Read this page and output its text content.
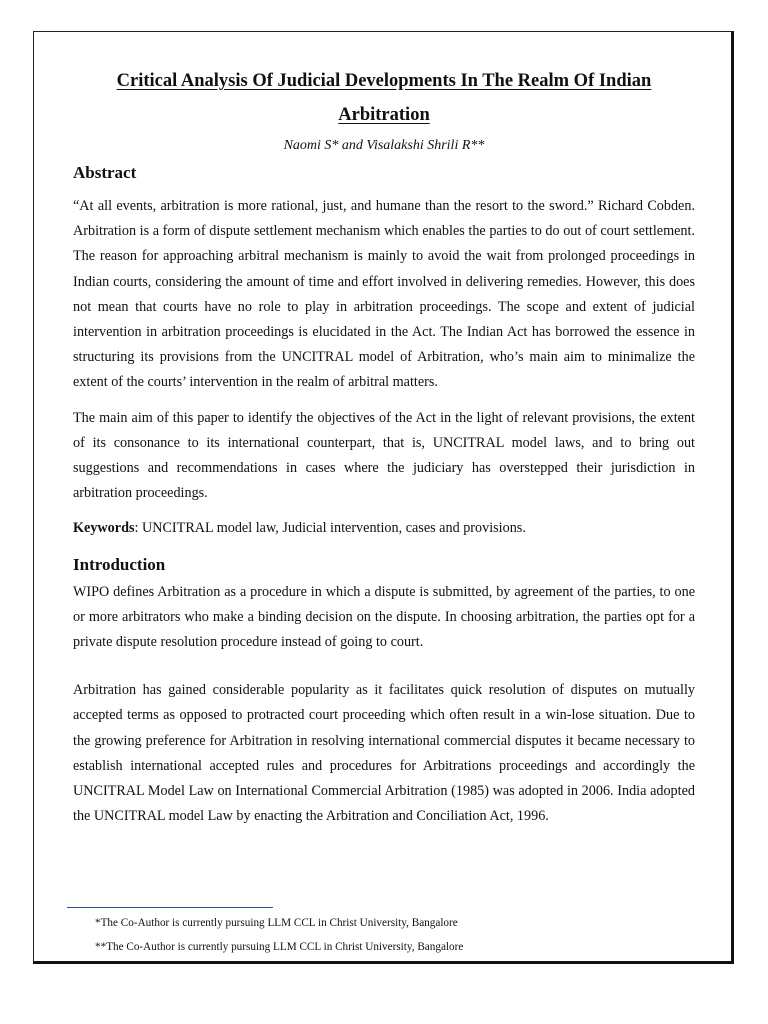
Critical Analysis Of Judicial Developments In The Realm Of Indian
Arbitration

Naomi S* and Visalakshi Shrili R**

Abstract

“At all events, arbitration is more rational, just, and humane than the resort to the sword.” Richard Cobden. Arbitration is a form of dispute settlement mechanism which enables the parties to do out of court settlement. The reason for approaching arbitral mechanism is mainly to avoid the wait from prolonged proceedings in Indian courts, considering the amount of time and effort involved in delivering remedies. However, this does not mean that courts have no role to play in arbitration proceedings. The scope and extent of judicial intervention in arbitration proceedings is elucidated in the Act. The Indian Act has borrowed the essence in structuring its provisions from the UNCITRAL model of Arbitration, who’s main aim to minimalize the extent of the courts’ intervention in the realm of arbitral matters.

The main aim of this paper to identify the objectives of the Act in the light of relevant provisions, the extent of its consonance to its international counterpart, that is, UNCITRAL model laws, and to bring out suggestions and recommendations in cases where the judiciary has overstepped their jurisdiction in arbitration proceedings.

Keywords: UNCITRAL model law, Judicial intervention, cases and provisions.

Introduction

WIPO defines Arbitration as a procedure in which a dispute is submitted, by agreement of the parties, to one or more arbitrators who make a binding decision on the dispute. In choosing arbitration, the parties opt for a private dispute resolution procedure instead of going to court.

Arbitration has gained considerable popularity as it facilitates quick resolution of disputes on mutually accepted terms as opposed to protracted court proceeding which often result in a win-lose situation. Due to the growing preference for Arbitration in resolving international commercial disputes it became necessary to establish international accepted rules and procedures for Arbitrations proceedings and accordingly the UNCITRAL Model Law on International Commercial Arbitration (1985) was adopted in 2006. India adopted the UNCITRAL model Law by enacting the Arbitration and Conciliation Act, 1996.

*The Co-Author is currently pursuing LLM CCL in Christ University, Bangalore
**The Co-Author is currently pursuing LLM CCL in Christ University, Bangalore
